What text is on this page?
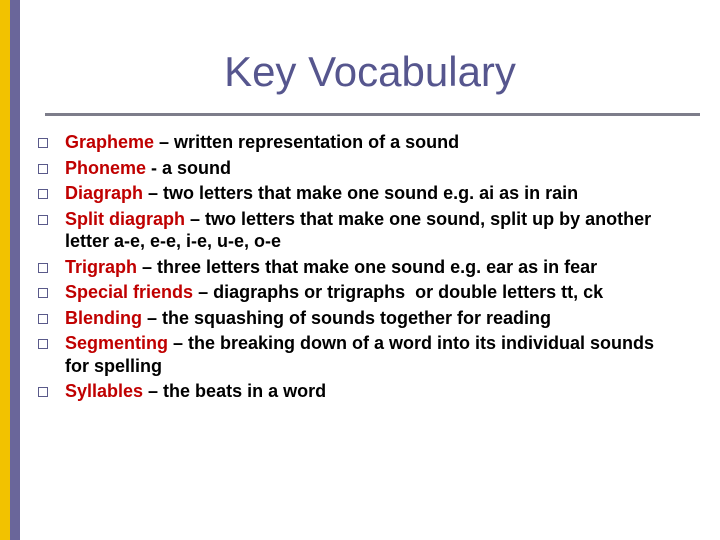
Key Vocabulary
Grapheme – written representation of a sound
Phoneme - a sound
Diagraph – two letters that make one sound e.g. ai as in rain
Split diagraph – two letters that make one sound, split up by another letter a-e, e-e, i-e, u-e, o-e
Trigraph – three letters that make one sound e.g. ear as in fear
Special friends – diagraphs or trigraphs  or double letters tt, ck
Blending – the squashing of sounds together for reading
Segmenting – the breaking down of a word into its individual sounds for spelling
Syllables – the beats in a word
